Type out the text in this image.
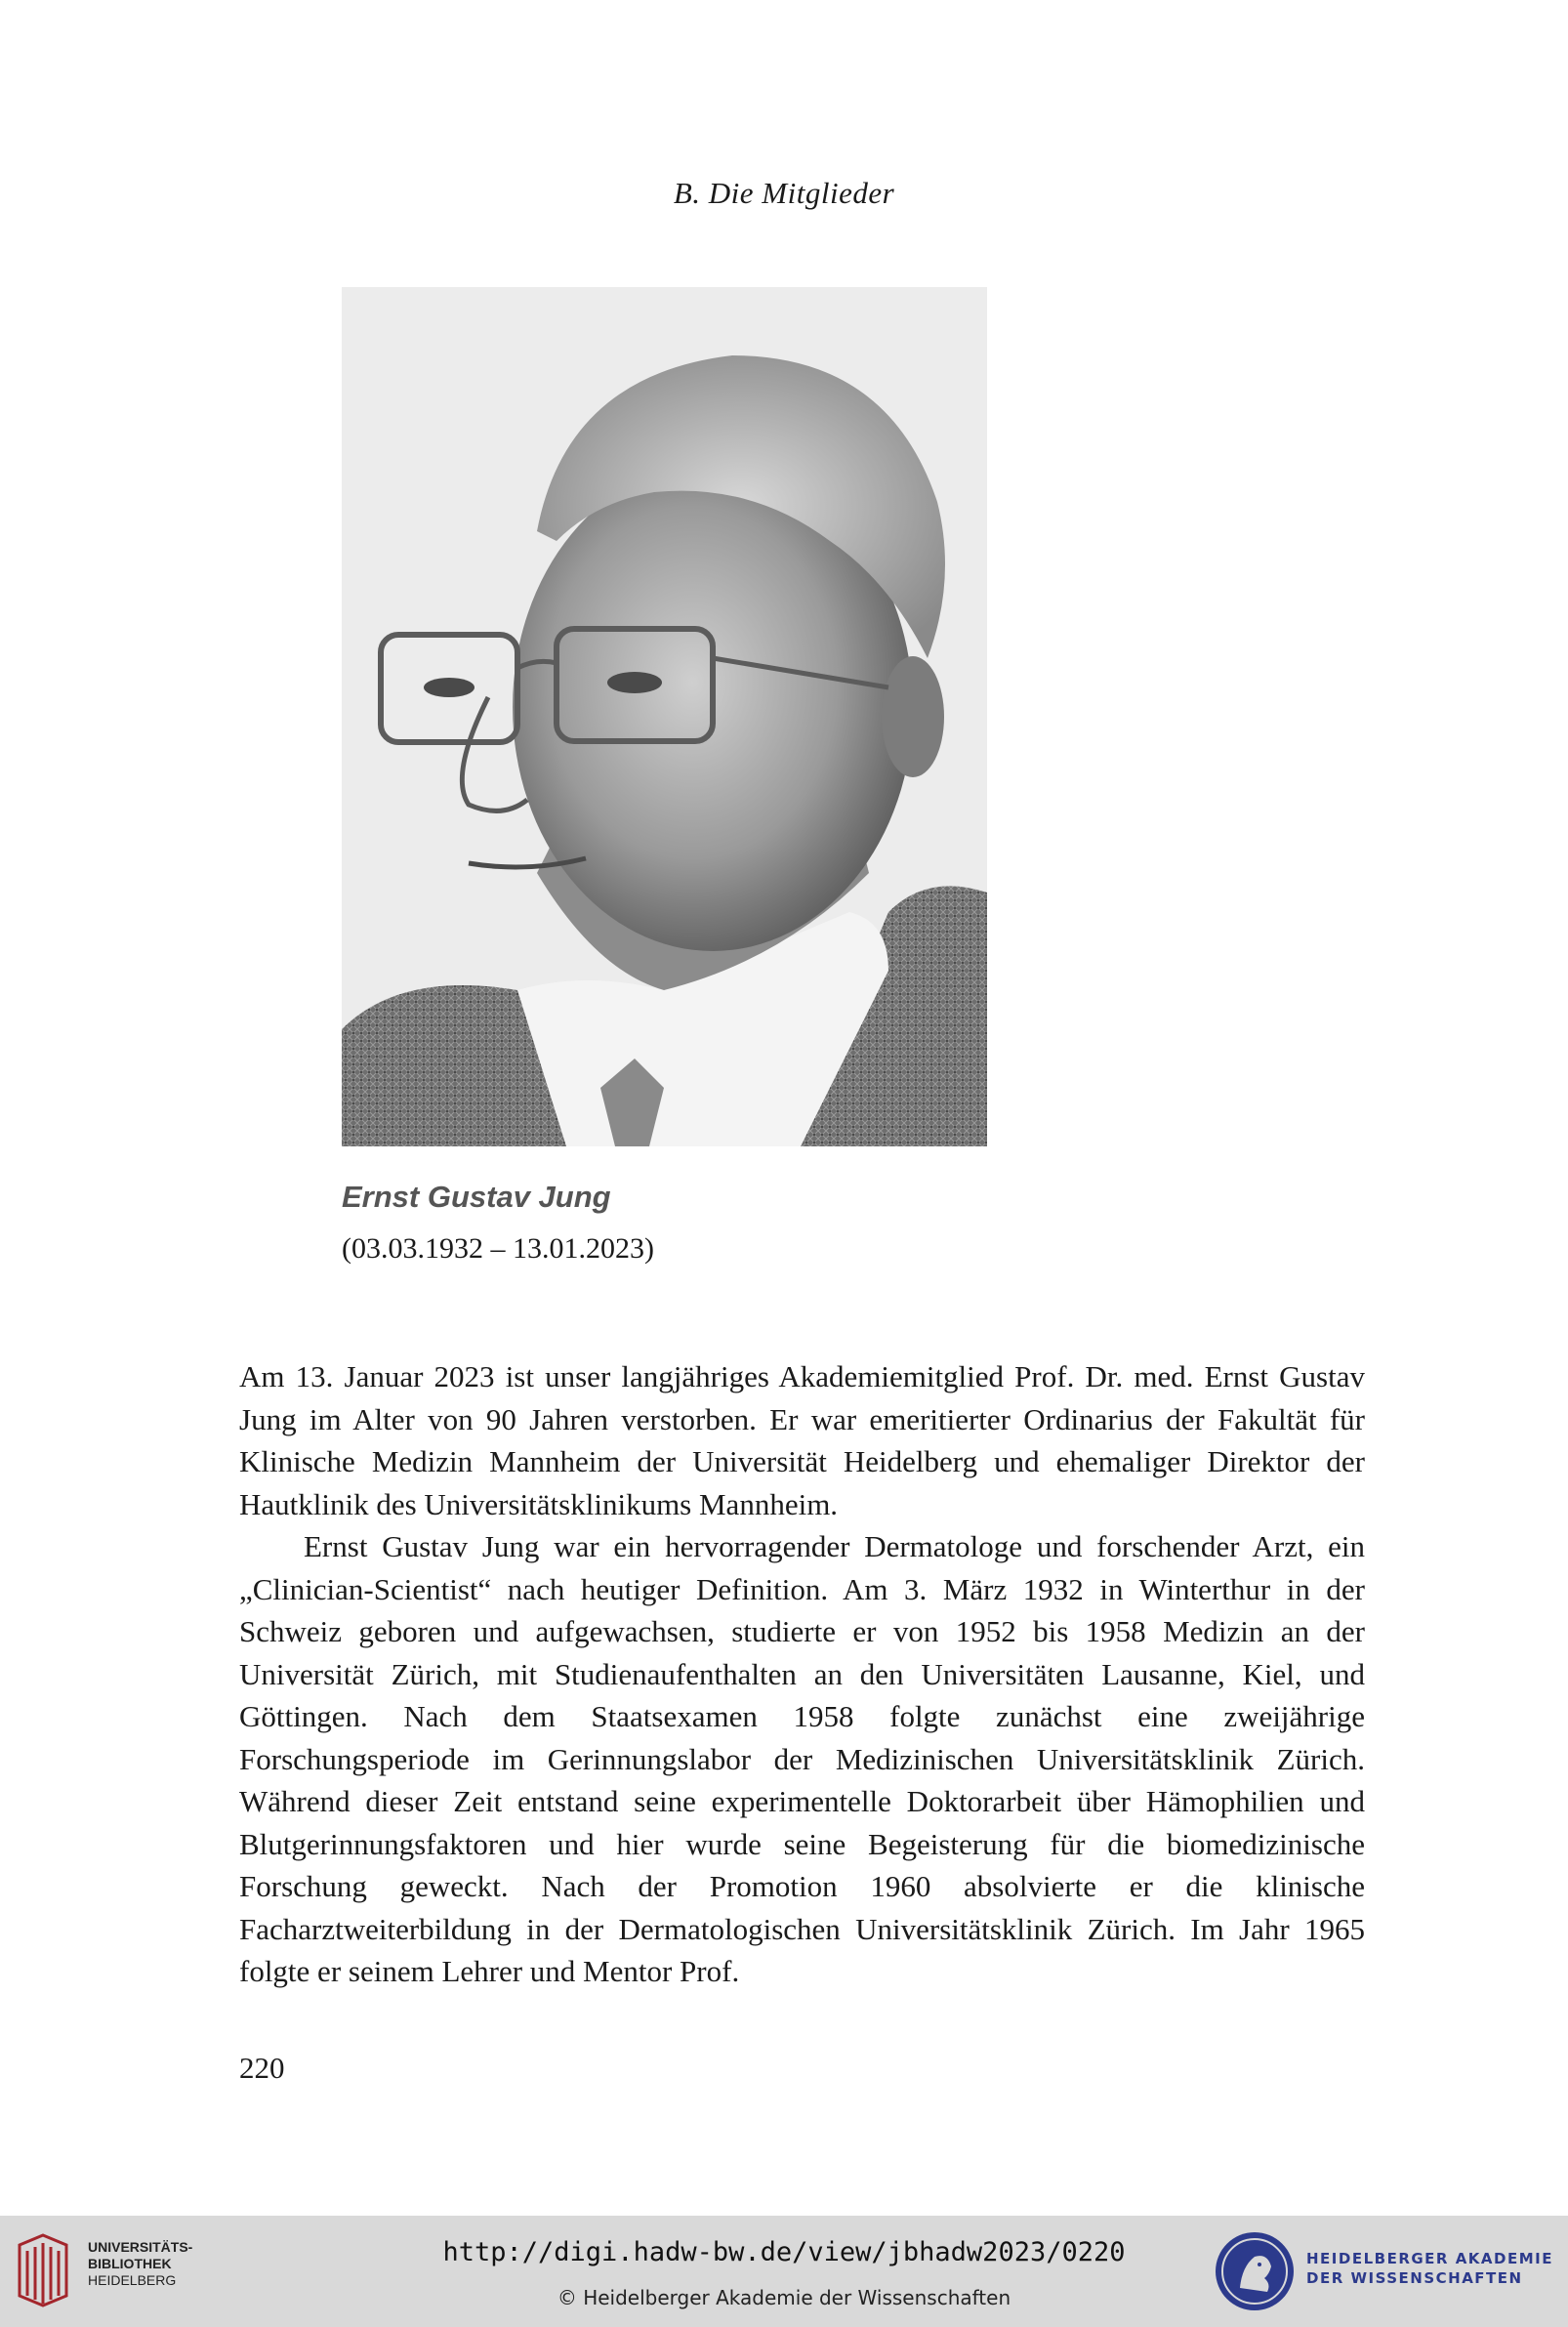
B. Die Mitglieder
Ernst Gustav Jung
(03.03.1932 – 13.01.2023)

Am 13. Januar 2023 ist unser langjähriges Akademiemitglied Prof. Dr. med. Ernst Gustav Jung im Alter von 90 Jahren verstorben. Er war emeritierter Ordinarius der Fakultät für Klinische Medizin Mannheim der Universität Heidelberg und ehemaliger Direktor der Hautklinik des Universitätsklinikums Mannheim.

Ernst Gustav Jung war ein hervorragender Dermatologe und forschender Arzt, ein „Clinician-Scientist“ nach heutiger Definition. Am 3. März 1932 in Winterthur in der Schweiz geboren und aufgewachsen, studierte er von 1952 bis 1958 Medizin an der Universität Zürich, mit Studienaufenthalten an den Universitäten Lausanne, Kiel, und Göttingen. Nach dem Staatsexamen 1958 folgte zunächst eine zweijährige Forschungsperiode im Gerinnungslabor der Medizinischen Universitätsklinik Zürich. Während dieser Zeit entstand seine experimentelle Doktorarbeit über Hämophilien und Blutgerinnungsfaktoren und hier wurde seine Begeisterung für die biomedizinische Forschung geweckt. Nach der Promotion 1960 absolvierte er die klinische Facharztweiterbildung in der Dermatologischen Universitätsklinik Zürich. Im Jahr 1965 folgte er seinem Lehrer und Mentor Prof.

220
UNIVERSITÄTS-
BIBLIOTHEK
HEIDELBERG
http://digi.hadw-bw.de/view/jbhadw2023/0220
© Heidelberger Akademie der Wissenschaften
HEIDELBERGER AKADEMIE
DER WISSENSCHAFTEN
